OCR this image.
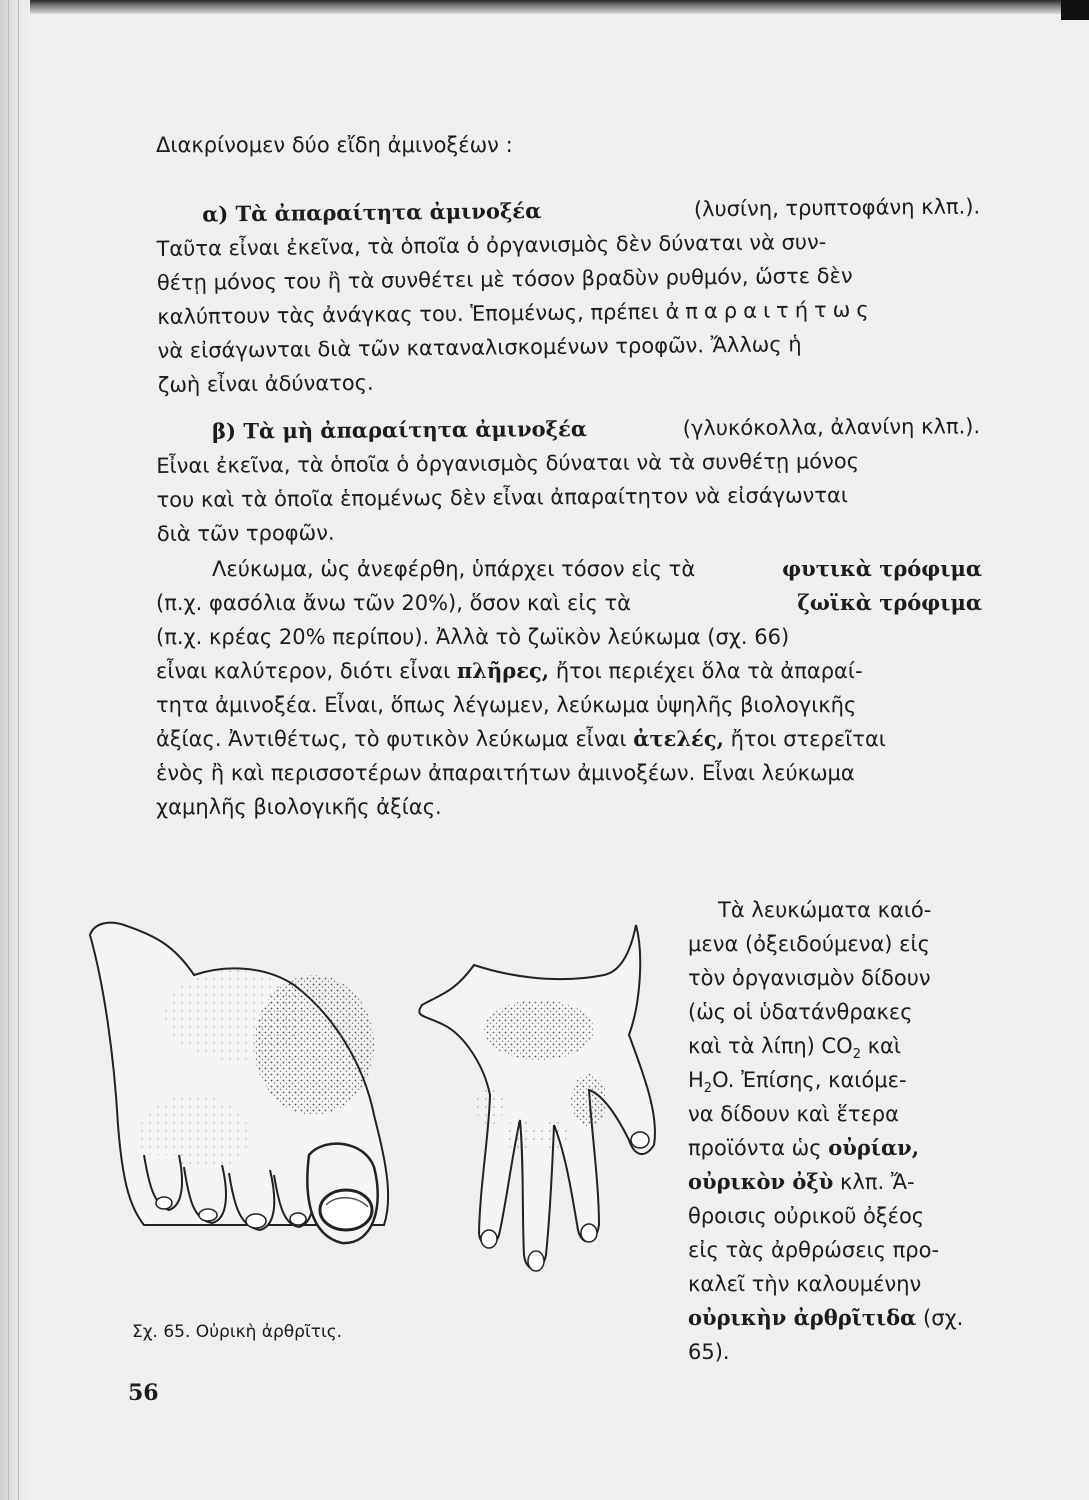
Διακρίνομεν δύο εἴδη ἀμινοξέων :
α) Τὰ ἀπαραίτητα ἀμινοξέα	(λυσίνη, τρυπτοφάνη κλπ.).
Ταῦτα εἶναι ἐκεῖνα, τὰ ὁποῖα ὁ ὀργανισμὸς δὲν δύναται νὰ συν-
θέτῃ μόνος του ἢ τὰ συνθέτει μὲ τόσον βραδὺν ρυθμόν, ὥστε δὲν
καλύπτουν τὰς ἀνάγκας του. Ἑπομένως, πρέπει ἀπαραιτήτως
νὰ εἰσάγωνται διὰ τῶν καταναλισκομένων τροφῶν. Ἄλλως ἡ
ζωὴ εἶναι ἀδύνατος.
β) Τὰ μὴ ἀπαραίτητα ἀμινοξέα	(γλυκόκολλα, ἀλανίνη κλπ.).
Εἶναι ἐκεῖνα, τὰ ὁποῖα ὁ ὀργανισμὸς δύναται νὰ τὰ συνθέτῃ μόνος
του καὶ τὰ ὁποῖα ἑπομένως δὲν εἶναι ἀπαραίτητον νὰ εἰσάγωνται
διὰ τῶν τροφῶν.
Λεύκωμα, ὡς ἀνεφέρθη, ὑπάρχει τόσον εἰς τὰ	φυτικὰ τρόφιμα
(π.χ. φασόλια ἄνω τῶν 20%), ὅσον καὶ εἰς τὰ	ζωϊκὰ τρόφιμα
(π.χ. κρέας 20% περίπου). Ἀλλὰ τὸ ζωϊκὸν λεύκωμα (σχ. 66)
εἶναι καλύτερον, διότι εἶναι πλῆρες, ἤτοι περιέχει ὅλα τὰ ἀπαραί-
τητα ἀμινοξέα. Εἶναι, ὅπως λέγωμεν, λεύκωμα ὑψηλῆς βιολογικῆς
ἀξίας. Ἀντιθέτως, τὸ φυτικὸν λεύκωμα εἶναι ἀτελές, ἤτοι στερεῖται
ἑνὸς ἢ καὶ περισσοτέρων ἀπαραιτήτων ἀμινοξέων. Εἶναι λεύκωμα
χαμηλῆς βιολογικῆς ἀξίας.
Τὰ λευκώματα καιό-
μενα (ὀξειδούμενα) εἰς
τὸν ὀργανισμὸν δίδουν
(ὡς οἱ ὑδατάνθρακες
καὶ τὰ λίπη) $CO_2$ καὶ
$H_2O$. Ἐπίσης, καιόμε-
να δίδουν καὶ ἕτερα
προϊόντα ὡς οὐρίαν,
οὐρικὸν ὀξὺ κλπ. Ἄ-
θροισις οὐρικοῦ ὀξέος
εἰς τὰς ἀρθρώσεις προ-
καλεῖ τὴν καλουμένην
οὐρικὴν ἀρθρῖτιδα (σχ.
65).
Σχ. 65. Οὐρικὴ ἀρθρῖτις.
56
